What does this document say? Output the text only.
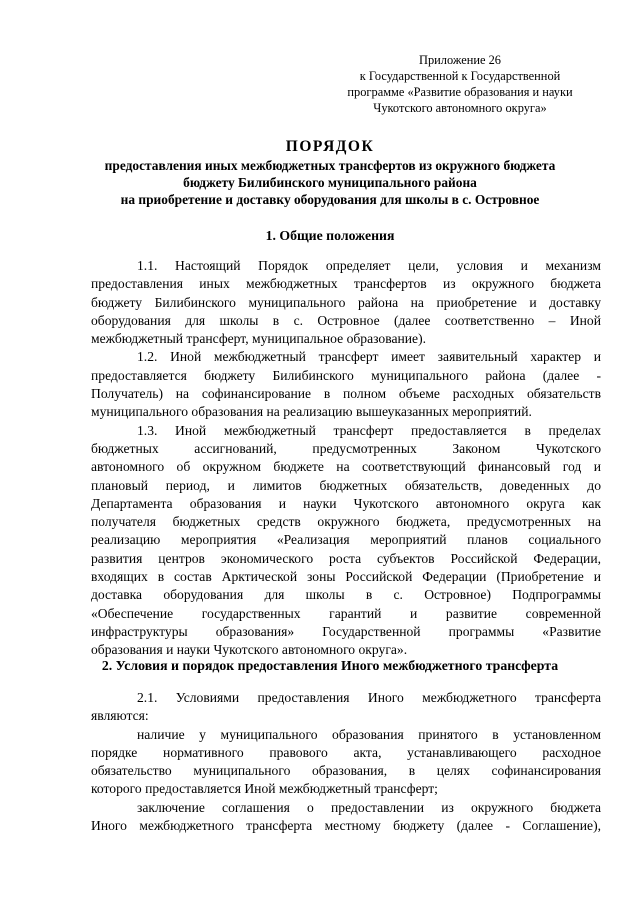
Приложение 26
к Государственной к Государственной
программе «Развитие образования и науки
Чукотского автономного округа»
ПОРЯДОК
предоставления иных межбюджетных трансфертов из окружного бюджета
бюджету Билибинского муниципального района
на приобретение и доставку оборудования для школы в с. Островное
1. Общие положения

1.1. Настоящий Порядок определяет цели, условия и механизм

предоставления иных межбюджетных трансфертов из окружного бюджета

бюджету Билибинского муниципального района на приобретение и доставку

оборудования для школы в с. Островное (далее соответственно – Иной

межбюджетный трансферт, муниципальное образование).

1.2. Иной межбюджетный трансферт имеет заявительный характер и

предоставляется бюджету Билибинского муниципального района (далее -

Получатель) на софинансирование в полном объеме расходных обязательств

муниципального образования на реализацию вышеуказанных мероприятий.

1.3. Иной межбюджетный трансферт предоставляется в пределах

бюджетных ассигнований, предусмотренных Законом Чукотского

автономного об окружном бюджете на соответствующий финансовый год и

плановый период, и лимитов бюджетных обязательств, доведенных до

Департамента образования и науки Чукотского автономного округа как

получателя бюджетных средств окружного бюджета, предусмотренных на

реализацию мероприятия «Реализация мероприятий планов социального

развития центров экономического роста субъектов Российской Федерации,

входящих в состав Арктической зоны Российской Федерации (Приобретение и

доставка оборудования для школы в с. Островное) Подпрограммы

«Обеспечение государственных гарантий и развитие современной

инфраструктуры образования» Государственной программы «Развитие

образования и науки Чукотского автономного округа».

2. Условия и порядок предоставления Иного межбюджетного трансферта

2.1. Условиями предоставления Иного межбюджетного трансферта

являются:

наличие у муниципального образования принятого в установленном

порядке нормативного правового акта, устанавливающего расходное

обязательство муниципального образования, в целях софинансирования

которого предоставляется Иной межбюджетный трансферт;

заключение соглашения о предоставлении из окружного бюджета

Иного межбюджетного трансферта местному бюджету (далее - Соглашение),
